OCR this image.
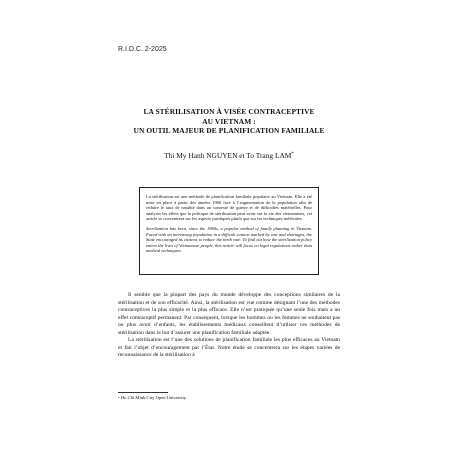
R.I.D.C. 2-2025
LA STÉRILISATION À VISÉE CONTRACEPTIVE
AU VIETNAM :
UN OUTIL MAJEUR DE PLANIFICATION FAMILIALE
Thi My Hanh NGUYEN et To Trang LAM*

La stérilisation est une méthode de planification familiale populaire au Vietnam. Elle a été mise en place à partir des années 1960 face à l’augmentation de la population afin de réduire le taux de natalité dans un contexte de guerre et de difficultés matérielles. Pour analyser les effets que la politique de stérilisation peut avoir sur la vie des vietnamiens, cet article se concentrera sur les aspects juridiques plutôt que sur les techniques médicales.

Sterilization has been, since the 1960s, a popular method of family planning in Vietnam. Faced with an increasing population in a difficult context marked by war and shortages, the State encouraged its citizens to reduce the birth rate. To find out how the sterilization policy enters the lives of Vietnamese people, this article will focus on legal regulations rather than medical techniques.

Il semble que la plupart des pays du monde développe des conceptions similaires de la stérilisation et de son efficacité. Ainsi, la stérilisation est vue comme désignant l’une des méthodes contraceptives la plus simple et la plus efficace. Elle n’est pratiquée qu’une seule fois mais a un effet contraceptif permanent. Par conséquent, lorsque les hommes ou les femmes ne souhaitent pas ou plus avoir d’enfants, les établissements médicaux conseillent d’utiliser ces méthodes de stérilisation dans le but d’assurer une planification familiale adaptée.

La stérilisation est l’une des solutions de planification familiale les plus efficaces au Vietnam et fait l’objet d’encouragement par l’État. Notre étude se concentrera sur les étapes variées de reconnaissance de la stérilisation à

* Ho Chi Minh City Open University.
